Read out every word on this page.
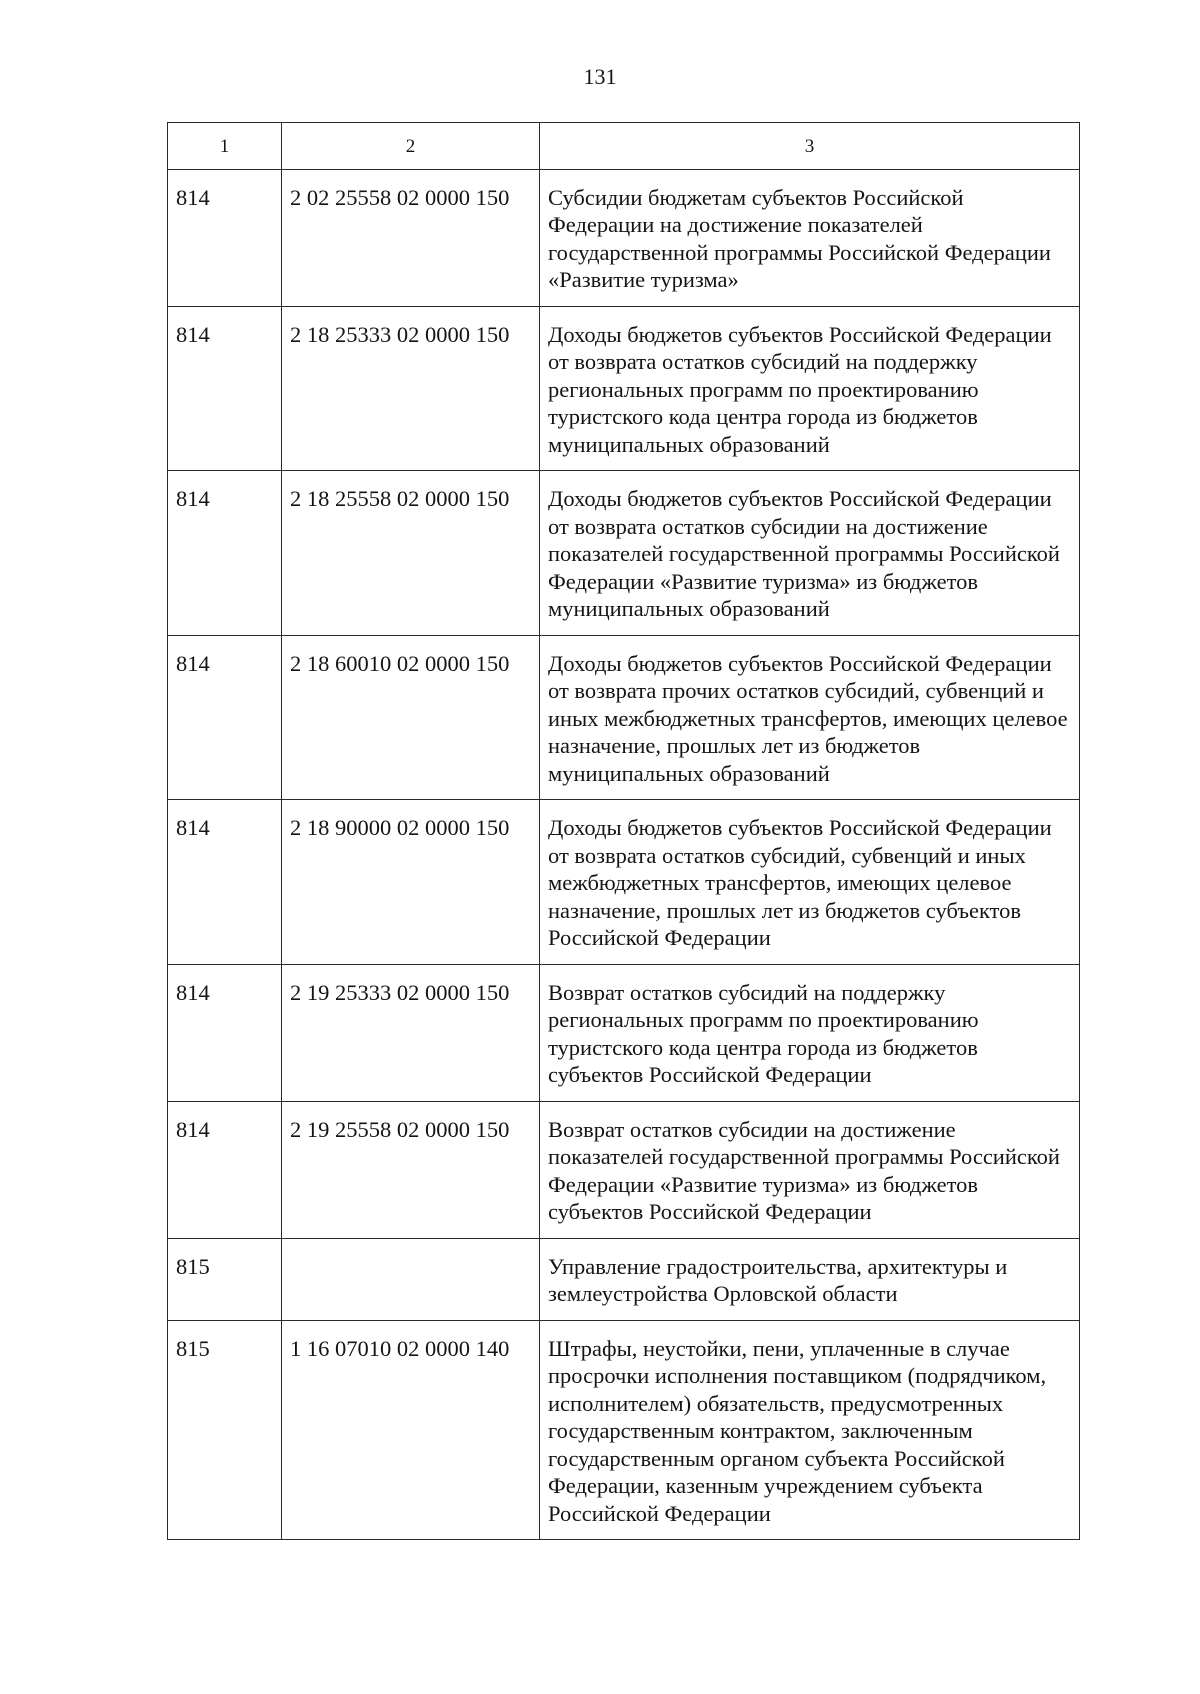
131
1	2	3
814	2 02 25558 02 0000 150	Субсидии бюджетам субъектов Российской Федерации на достижение показателей государственной программы Российской Федерации «Развитие туризма»
814	2 18 25333 02 0000 150	Доходы бюджетов субъектов Российской Федерации от возврата остатков субсидий на поддержку региональных программ по проектированию туристского кода центра города из бюджетов муниципальных образований
814	2 18 25558 02 0000 150	Доходы бюджетов субъектов Российской Федерации от возврата остатков субсидии на достижение показателей государственной программы Российской Федерации «Развитие туризма» из бюджетов муниципальных образований
814	2 18 60010 02 0000 150	Доходы бюджетов субъектов Российской Федерации от возврата прочих остатков субсидий, субвенций и иных межбюджетных трансфертов, имеющих целевое назначение, прошлых лет из бюджетов муниципальных образований
814	2 18 90000 02 0000 150	Доходы бюджетов субъектов Российской Федерации от возврата остатков субсидий, субвенций и иных межбюджетных трансфертов, имеющих целевое назначение, прошлых лет из бюджетов субъектов Российской Федерации
814	2 19 25333 02 0000 150	Возврат остатков субсидий на поддержку региональных программ по проектированию туристского кода центра города из бюджетов субъектов Российской Федерации
814	2 19 25558 02 0000 150	Возврат остатков субсидии на достижение показателей государственной программы Российской Федерации «Развитие туризма» из бюджетов субъектов Российской Федерации
815		Управление градостроительства, архитектуры и землеустройства Орловской области
815	1 16 07010 02 0000 140	Штрафы, неустойки, пени, уплаченные в случае просрочки исполнения поставщиком (подрядчиком, исполнителем) обязательств, предусмотренных государственным контрактом, заключенным государственным органом субъекта Российской Федерации, казенным учреждением субъекта Российской Федерации
